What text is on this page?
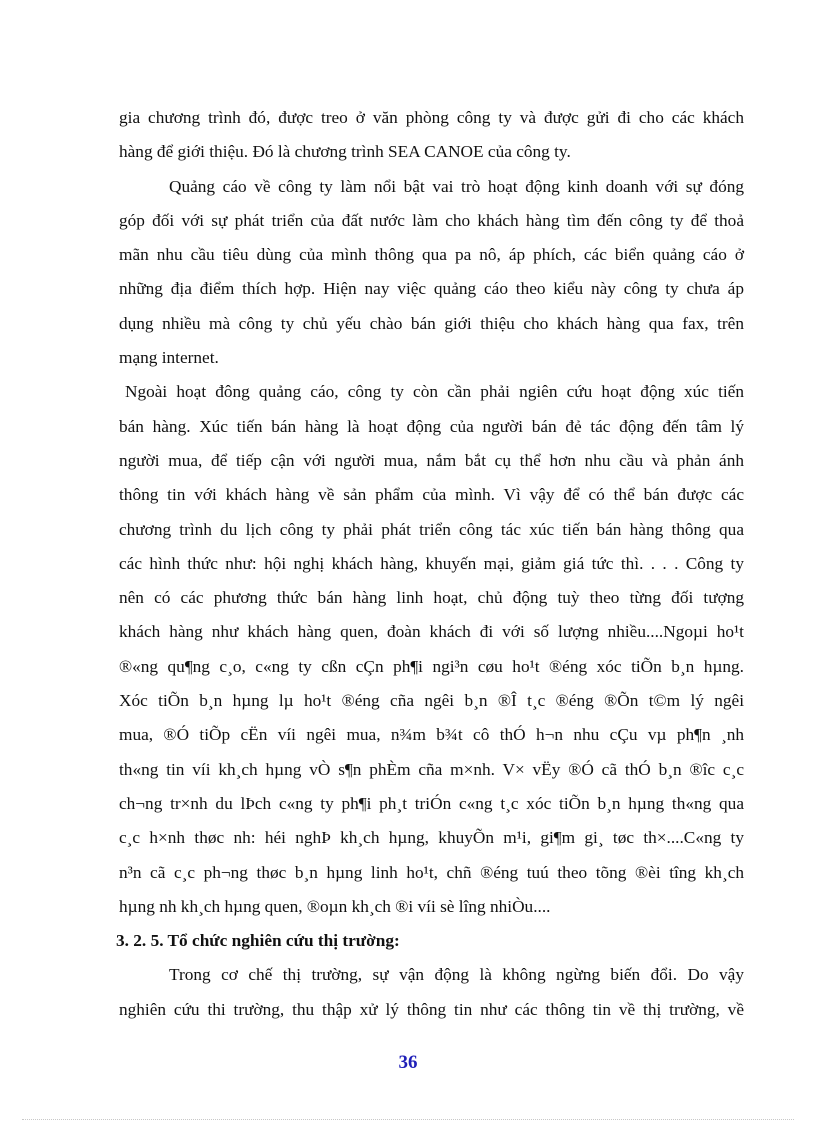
gia chương trình đó, được treo ở văn phòng công ty và được gửi đi cho các khách
hàng để giới thiệu. Đó là chương trình SEA CANOE của công ty.
Quảng cáo về công ty làm nổi bật vai trò hoạt động kinh doanh với sự đóng
góp đối với sự phát triển của đất nước làm cho khách hàng tìm đến công ty để thoả
mãn nhu cầu tiêu dùng của mình thông qua pa nô, áp phích, các biển quảng cáo ở
những địa điểm thích hợp. Hiện nay việc quảng cáo theo kiểu này công ty chưa áp
dụng nhiều mà công ty chủ yếu chào bán giới thiệu cho khách hàng qua fax, trên
mạng internet.
Ngoài hoạt đông quảng cáo, công ty còn cần phải ngiên cứu hoạt động xúc tiến
bán hàng. Xúc tiến bán hàng là hoạt động của người bán đẻ tác động đến tâm lý
người mua, để tiếp cận với người mua, nắm bắt cụ thể hơn nhu cầu và phản ánh
thông tin với khách hàng về sản phẩm của mình. Vì vậy để có thể bán được các
chương trình du lịch công ty phải phát triển công tác xúc tiến bán hàng thông qua
các hình thức như: hội nghị khách hàng, khuyến mại, giảm giá tức thì. . . . Công ty
nên có các phương thức bán hàng linh hoạt, chủ động tuỳ theo từng đối tượng
khách hàng như khách hàng quen, đoàn khách đi với số lượng nhiều....Ngoµi ho¹t
®«ng qu¶ng c¸o, c«ng ty cßn cÇn ph¶i ngi³n cøu ho¹t ®éng xóc tiÕn b¸n hµng.
Xóc tiÕn b¸n hµng lµ ho¹t ®éng cña ngêi b¸n ®Î t¸c ®éng ®Õn t©m lý ngêi
mua, ®Ó tiÕp cËn víi ngêi mua, n¾m b¾t cô thÓ h¬n nhu cÇu vµ ph¶n ¸nh
th«ng tin víi kh¸ch hµng vÒ s¶n phÈm cña m×nh. V× vËy ®Ó cã thÓ b¸n ®îc c¸c
ch¬ng tr×nh du lÞch c«ng ty ph¶i ph¸t triÓn c«ng t¸c xóc tiÕn b¸n hµng th«ng qua
c¸c h×nh thøc nh: héi nghÞ kh¸ch hµng, khuyÕn m¹i, gi¶m gi¸ tøc th×....C«ng ty
n³n cã c¸c ph¬ng thøc b¸n hµng linh ho¹t, chñ ®éng tuú theo tõng ®èi tîng kh¸ch
hµng nh kh¸ch hµng quen, ®oµn kh¸ch ®i víi sè lîng nhiÒu....
3. 2. 5. Tổ chức nghiên cứu thị trường:
Trong cơ chế thị trường, sự vận động là không ngừng biến đổi. Do vậy
nghiên cứu thi trường, thu thập xử lý thông tin như các thông tin về thị trường, về
36
